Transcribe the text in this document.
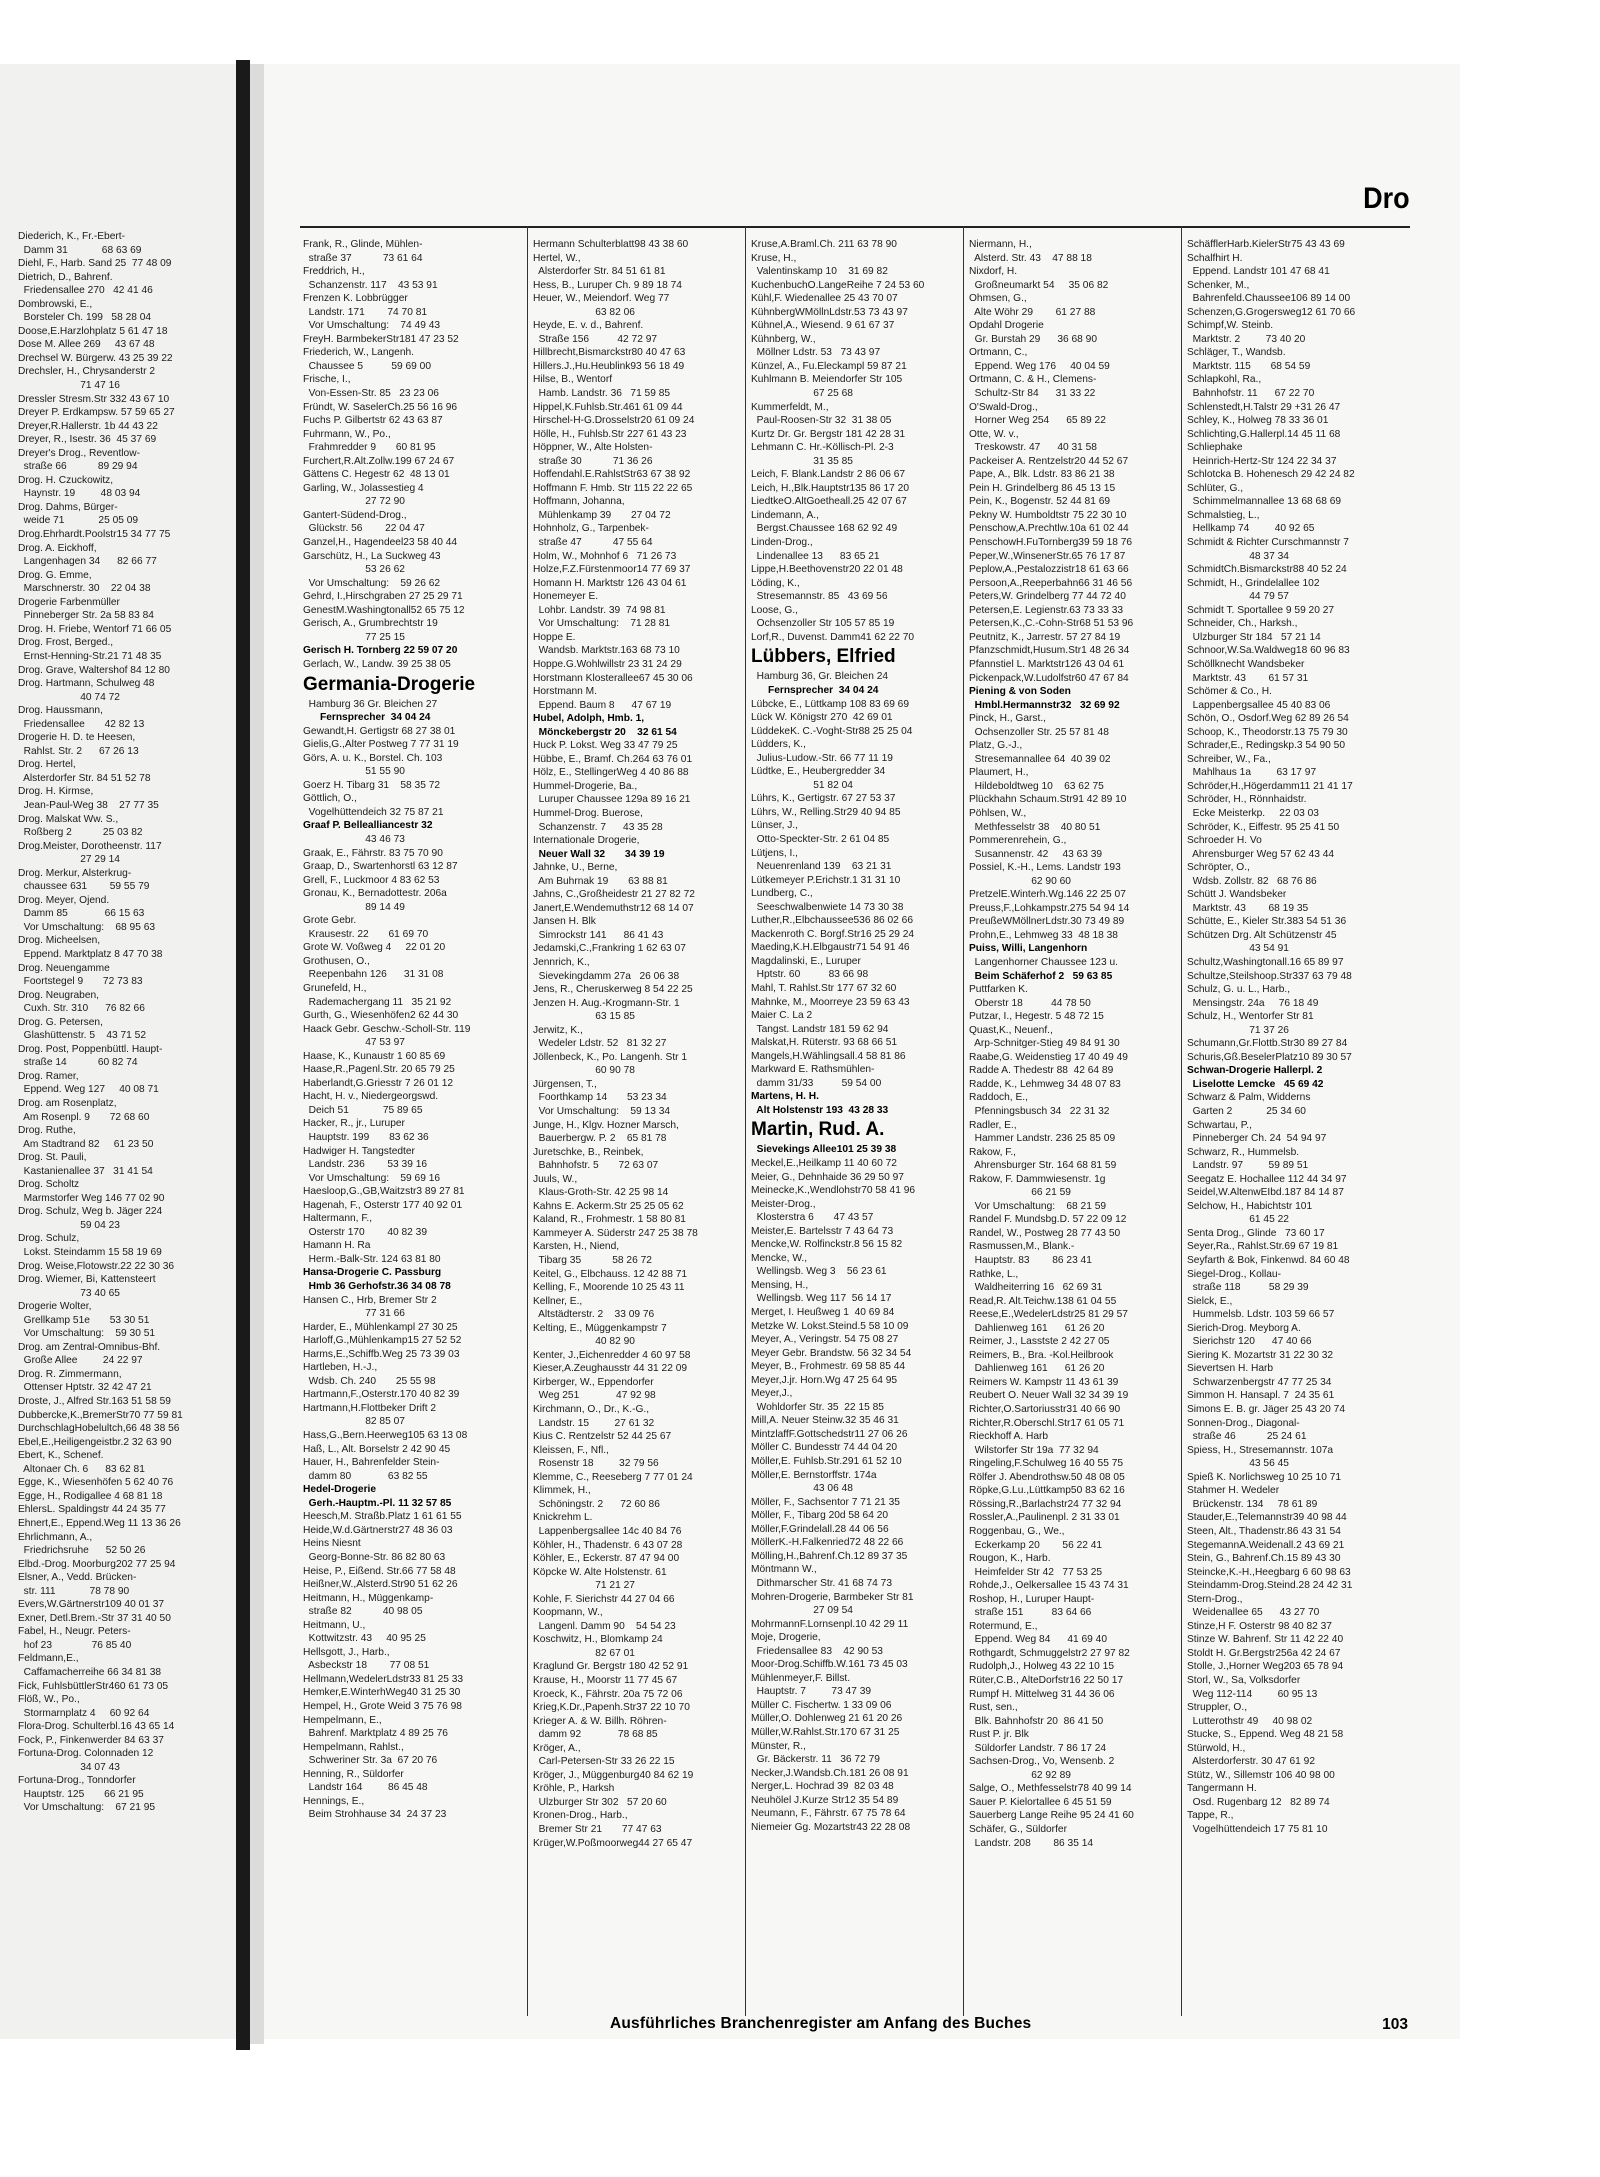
Diederich, K., Fr.-Ebert-
Damm 31            68 63 69
Diehl, F., Harb. Sand 25  77 48 09
Dietrich, D., Bahrenf.
Friedensallee 270   42 41 46
Dombrowski, E.,
Borsteler Ch. 199   58 28 04
Doose,E.Harzlohplatz 5 61 47 18
Dose M. Allee 269     43 67 48
Drechsel W. Bürgerw. 43 25 39 22
Drechsler, H., Chrysanderstr 2
71 47 16
Dressler Stresm.Str 332 43 67 10
Dreyer P. Erdkampsw. 57 59 65 27
Dreyer,R.Hallerstr. 1b 44 43 22
Dreyer, R., Isestr. 36  45 37 69
Dreyer's Drog., Reventlow-
straße 66           89 29 94
Drog. H. Czuckowitz,
Haynstr. 19         48 03 94
Drog. Dahms, Bürger-
weide 71            25 05 09
Drog.Ehrhardt.Poolstr15 34 77 75
Drog. A. Eickhoff,
Langenhagen 34      82 66 77
Drog. G. Emme,
Marschnerstr. 30    22 04 38
Drogerie Farbenmüller
Pinneberger Str. 2a 58 83 84
Drog. H. Friebe, Wentorf 71 66 05
Drog. Frost, Berged.,
Ernst-Henning-Str.21 71 48 35
Drog. Grave, Waltershof 84 12 80
Drog. Hartmann, Schulweg 48
40 74 72
Drog. Haussmann,
Friedensallee       42 82 13
Drogerie H. D. te Heesen,
Rahlst. Str. 2      67 26 13
Drog. Hertel,
Alsterdorfer Str. 84 51 52 78
Drog. H. Kirmse,
Jean-Paul-Weg 38    27 77 35
Drog. Malskat Ww. S.,
Roßberg 2           25 03 82
Drog.Meister, Dorotheenstr. 117
27 29 14
Drog. Merkur, Alsterkrug-
chaussee 631        59 55 79
Drog. Meyer, Ojend.
Damm 85             66 15 63
Vor Umschaltung:    68 95 63
Drog. Micheelsen,
Eppend. Marktplatz 8 47 70 38
Drog. Neuengamme
Foortstegel 9       72 73 83
Drog. Neugraben,
Cuxh. Str. 310      76 82 66
Drog. G. Petersen,
Glashüttenstr. 5    43 71 52
Drog. Post, Poppenbüttl. Haupt-
straße 14           60 82 74
Drog. Ramer,
Eppend. Weg 127     40 08 71
Drog. am Rosenplatz,
Am Rosenpl. 9       72 68 60
Drog. Ruthe,
Am Stadtrand 82     61 23 50
Drog. St. Pauli,
Kastanienallee 37   31 41 54
Drog. Scholtz
Marmstorfer Weg 146 77 02 90
Drog. Schulz, Weg b. Jäger 224
59 04 23
Drog. Schulz,
Lokst. Steindamm 15 58 19 69
Drog. Weise,Flotowstr.22 22 30 36
Drog. Wiemer, Bi, Kattensteert
73 40 65
Drogerie Wolter,
Grellkamp 51e       53 30 51
Vor Umschaltung:    59 30 51
Drog. am Zentral-Omnibus-Bhf.
Große Allee         24 22 97
Drog. R. Zimmermann,
Ottenser Hptstr. 32 42 47 21
Droste, J., Alfred Str.163 51 58 59
Dubbercke,K.,BremerStr70 77 59 81
DurchschlagHobelultch,66 48 38 56
Ebel,E.,Heiligengeistbr.2 32 63 90
Ebert, K., Schenef.
Altonaer Ch. 6      83 62 81
Egge, K., Wiesenhöfen 5 62 40 76
Egge, H., Rodigallee 4 68 81 18
EhlersL. Spaldingstr 44 24 35 77
Ehnert,E., Eppend.Weg 11 13 36 26
Ehrlichmann, A.,
Friedrichsruhe      52 50 26
Elbd.-Drog. Moorburg202 77 25 94
Elsner, A., Vedd. Brücken-
str. 111            78 78 90
Evers,W.Gärtnerstr109 40 01 37
Exner, Detl.Brem.-Str 37 31 40 50
Fabel, H., Neugr. Peters-
hof 23              76 85 40
Feldmann,E.,
Caffamacherreihe 66 34 81 38
Fick, FuhlsbüttlerStr460 61 73 05
Flöß, W., Po.,
Stormarnplatz 4     60 92 64
Flora-Drog. Schulterbl.16 43 65 14
Fock, P., Finkenwerder 84 63 37
Fortuna-Drog. Colonnaden 12
34 07 43
Fortuna-Drog., Tonndorfer
Hauptstr. 125       66 21 95
Vor Umschaltung:    67 21 95
Dro
Frank, R., Glinde, Mühlen-
straße 37           73 61 64
Freddrich, H.,
Schanzenstr. 117    43 53 91
Frenzen K. Lobbrügger
Landstr. 171        74 70 81
Vor Umschaltung:    74 49 43
FreyH. BarmbekerStr181 47 23 52
Friederich, W., Langenh.
Chaussee 5          59 69 00
Frische, I.,
Von-Essen-Str. 85   23 23 06
Fründt, W. SaselerCh.25 56 16 96
Fuchs P. Gilbertstr 62 43 63 87
Fuhrmann, W., Po.,
Frahmredder 9       60 81 95
Furchert,R.Alt.Zollw.199 67 24 67
Gättens C. Hegestr 62  48 13 01
Garling, W., Jolassestieg 4
27 72 90
Gantert-Südend-Drog.,
Glückstr. 56        22 04 47
Ganzel,H., Hagendeel23 58 40 44
Garschütz, H., La Suckweg 43
53 26 62
Vor Umschaltung:    59 26 62
Gehrd, I.,Hirschgraben 27 25 29 71
GenestM.Washingtonall52 65 75 12
Gerisch, A., Grumbrechtstr 19
77 25 15
Gerisch H. Tornberg 22 59 07 20
Gerlach, W., Landw. 39 25 38 05
Germania-Drogerie
Hamburg 36 Gr. Bleichen 27
Fernsprecher  34 04 24
Gewandt,H. Gertigstr 68 27 38 01
Gielis,G.,Alter Postweg 7 77 31 19
Görs, A. u. K., Borstel. Ch. 103
51 55 90
Goerz H. Tibarg 31    58 35 72
Göttlich, O.,
Vogelhüttendeich 32 75 87 21
Graaf P. Bellealliancestr 32
43 46 73
Graak, E., Fährstr. 83 75 70 90
Graap, D., Swartenhorstl 63 12 87
Grell, F., Luckmoor 4 83 62 53
Gronau, K., Bernadottestr. 206a
89 14 49
Grote Gebr.
Krausestr. 22       61 69 70
Grote W. Voßweg 4     22 01 20
Grothusen, O.,
Reepenbahn 126      31 31 08
Grunefeld, H.,
Rademachergang 11   35 21 92
Gurth, G., Wiesenhöfen2 62 44 30
Haack Gebr. Geschw.-Scholl-Str. 119
47 53 97
Haase, K., Kunaustr 1 60 85 69
Haase,R.,Pagenl.Str. 20 65 79 25
Haberlandt,G.Griesstr 7 26 01 12
Hacht, H. v., Niedergeorgswd.
Deich 51            75 89 65
Hacker, R., jr., Luruper
Hauptstr. 199       83 62 36
Hadwiger H. Tangstedter
Landstr. 236        53 39 16
Vor Umschaltung:    59 69 16
Haesloop,G.,GB,Waitzstr3 89 27 81
Hagenah, F., Osterstr 177 40 92 01
Haltermann, F.,
Osterstr 170        40 82 39
Hamann H. Ra
Herm.-Balk-Str. 124 63 81 80
Hansa-Drogerie C. Passburg
Hmb 36 Gerhofstr.36 34 08 78
Hansen C., Hrb, Bremer Str 2
77 31 66
Harder, E., Mühlenkampl 27 30 25
Harloff,G.,Mühlenkamp15 27 52 52
Harms,E.,Schiffb.Weg 25 73 39 03
Hartleben, H.-J.,
Wdsb. Ch. 240       25 55 98
Hartmann,F.,Osterstr.170 40 82 39
Hartmann,H.Flottbeker Drift 2
82 85 07
Hass,G.,Bern.Heerweg105 63 13 08
Haß, L., Alt. Borselstr 2 42 90 45
Hauer, H., Bahrenfelder Stein-
damm 80             63 82 55
Hedel-Drogerie
Gerh.-Hauptm.-Pl. 11 32 57 85
Heesch,M. Straßb.Platz 1 61 61 55
Heide,W.d.Gärtnerstr27 48 36 03
Heins Niesnt
Georg-Bonne-Str. 86 82 80 63
Heise, P., Eißend. Str.66 77 58 48
Heißner,W.,Alsterd.Str90 51 62 26
Heitmann, H., Müggenkamp-
straße 82           40 98 05
Heitmann, U.,
Kottwitzstr. 43     40 95 25
Hellsgott, J., Harb.,
Asbeckstr 18        77 08 51
Hellmann,WedelerLdstr33 81 25 33
Hemker,E.WinterhWeg40 31 25 30
Hempel, H., Grote Weid 3 75 76 98
Hempelmann, E.,
Bahrenf. Marktplatz 4 89 25 76
Hempelmann, Rahlst.,
Schweriner Str. 3a  67 20 76
Henning, R., Süldorfer
Landstr 164         86 45 48
Hennings, E.,
Beim Strohhause 34  24 37 23
Hermann Schulterblatt98 43 38 60
Hertel, W.,
Alsterdorfer Str. 84 51 61 81
Hess, B., Luruper Ch. 9 89 18 74
Heuer, W., Meiendorf. Weg 77
63 82 06
Heyde, E. v. d., Bahrenf.
Straße 156          42 72 97
Hillbrecht,Bismarckstr80 40 47 63
Hillers.J.,Hu.Heublink93 56 18 49
Hilse, B., Wentorf
Hamb. Landstr. 36   71 59 85
Hippel,K.Fuhlsb.Str.461 61 09 44
Hirschel-H-G.Drosselstr20 61 09 24
Hölle, H., Fuhlsb.Str 227 61 43 23
Höppner, W., Alte Holsten-
straße 30           71 36 26
Hoffendahl.E.RahlstStr63 67 38 92
Hoffmann F. Hmb. Str 115 22 22 65
Hoffmann, Johanna,
Mühlenkamp 39       27 04 72
Hohnholz, G., Tarpenbek-
straße 47           47 55 64
Holm, W., Mohnhof 6   71 26 73
Holze,F.Z.Fürstenmoor14 77 69 37
Homann H. Marktstr 126 43 04 61
Honemeyer E.
Lohbr. Landstr. 39  74 98 81
Vor Umschaltung:    71 28 81
Hoppe E.
Wandsb. Marktstr.163 68 73 10
Hoppe.G.Wohlwillstr 23 31 24 29
Horstmann Klosterallee67 45 30 06
Horstmann M.
Eppend. Baum 8      47 67 19
Hubel, Adolph, Hmb. 1,
Mönckebergstr 20    32 61 54
Huck P. Lokst. Weg 33 47 79 25
Hübbe, E., Bramf. Ch.264 63 76 01
Hölz, E., StellingerWeg 4 40 86 88
Hummel-Drogerie, Ba.,
Luruper Chaussee 129a 89 16 21
Hummel-Drog. Buerose,
Schanzenstr. 7      43 35 28
Internationale Drogerie,
Neuer Wall 32       34 39 19
Jahnke, U., Berne,
Am Buhrnak 19       63 88 81
Jahns, C.,Großheidestr 21 27 82 72
Janert,E.Wendemuthstr12 68 14 07
Jansen H. Blk
Simrockstr 141      86 41 43
Jedamski,C.,Frankring 1 62 63 07
Jennrich, K.,
Sievekingdamm 27a   26 06 38
Jens, R., Cheruskerweg 8 54 22 25
Jenzen H. Aug.-Krogmann-Str. 1
63 15 85
Jerwitz, K.,
Wedeler Ldstr. 52   81 32 27
Jöllenbeck, K., Po. Langenh. Str 1
60 90 78
Jürgensen, T.,
Foorthkamp 14       53 23 34
Vor Umschaltung:    59 13 34
Junge, H., Klgv. Hozner Marsch,
Bauerbergw. P. 2    65 81 78
Juretschke, B., Reinbek,
Bahnhofstr. 5       72 63 07
Juuls, W.,
Klaus-Groth-Str. 42 25 98 14
Kahns E. Ackerm.Str 25 25 05 62
Kaland, R., Frohmestr. 1 58 80 81
Kammeyer A. Süderstr 247 25 38 78
Karsten, H., Niend,
Tibarg 35           58 26 72
Keitel, G., Elbchauss. 12 42 88 71
Kelling, F., Moorende 10 25 43 11
Kellner, E.,
Altstädterstr. 2    33 09 76
Kelting, E., Müggenkampstr 7
40 82 90
Kenter, J.,Eichenredder 4 60 97 58
Kieser,A.Zeughausstr 44 31 22 09
Kirberger, W., Eppendorfer
Weg 251             47 92 98
Kirchmann, O., Dr., K.-G.,
Landstr. 15         27 61 32
Kius C. Rentzelstr 52 44 25 67
Kleissen, F., Nfl.,
Rosenstr 18         32 79 56
Klemme, C., Reeseberg 7 77 01 24
Klimmek, H.,
Schöningstr. 2      72 60 86
Knickrehm L.
Lappenbergsallee 14c 40 84 76
Köhler, H., Thadenstr. 6 43 07 28
Köhler, E., Eckerstr. 87 47 94 00
Köpcke W. Alte Holstenstr. 61
71 21 27
Kohle, F. Sierichstr 44 27 04 66
Koopmann, W.,
Langenl. Damm 90    54 54 23
Koschwitz, H., Blomkamp 24
82 67 01
Kraglund Gr. Bergstr 180 42 52 91
Krause, H., Moorstr 11 77 45 67
Kroeck, K., Fährstr. 20a 75 72 06
Krieg,K.Dr.,Papenh.Str37 22 10 70
Krieger A. & W. Billh. Röhren-
damm 92             78 68 85
Kröger, A.,
Carl-Petersen-Str 33 26 22 15
Kröger, J., Müggenburg40 84 62 19
Kröhle, P., Harksh
Ulzburger Str 302   57 20 60
Kronen-Drog., Harb.,
Bremer Str 21       77 47 63
Krüger,W.Poßmoorweg44 27 65 47
Kruse,A.Braml.Ch. 211 63 78 90
Kruse, H.,
Valentinskamp 10    31 69 82
KuchenbuchO.LangeReihe 7 24 53 60
Kühl,F. Wiedenallee 25 43 70 07
KühnbergWMöllnLdstr.53 73 43 97
Kühnel,A., Wiesend. 9 61 67 37
Kühnberg, W.,
Möllner Ldstr. 53   73 43 97
Künzel, A., Fu.Eleckampl 59 87 21
Kuhlmann B. Meiendorfer Str 105
67 25 68
Kummerfeldt, M.,
Paul-Roosen-Str 32  31 38 05
Kurtz Dr. Gr. Bergstr 181 42 28 31
Lehmann C. Hr.-Köllisch-Pl. 2-3
31 35 85
Leich, F. Blank.Landstr 2 86 06 67
Leich, H.,Blk.Hauptstr135 86 17 20
LiedtkeO.AltGoetheall.25 42 07 67
Lindemann, A.,
Bergst.Chaussee 168 62 92 49
Linden-Drog.,
Lindenallee 13      83 65 21
Lippe,H.Beethovenstr20 22 01 48
Löding, K.,
Stresemannstr. 85   43 69 56
Loose, G.,
Ochsenzoller Str 105 57 85 19
Lorf,R., Duvenst. Damm41 62 22 70
Lübbers, Elfried
Hamburg 36, Gr. Bleichen 24
Fernsprecher  34 04 24
Lübcke, E., Lüttkamp 108 83 69 69
Lück W. Königstr 270  42 69 01
LüddekeK. C.-Voght-Str88 25 25 04
Lüdders, K.,
Julius-Ludow.-Str. 66 77 11 19
Lüdtke, E., Heubergredder 34
51 82 04
Lührs, K., Gertigstr. 67 27 53 37
Lührs, W., Relling.Str29 40 94 85
Lünser, J.,
Otto-Speckter-Str. 2 61 04 85
Lütjens, I.,
Neuenrenland 139    63 21 31
Lütkemeyer P.Erichstr.1 31 31 10
Lundberg, C.,
Seeschwalbenwiete 14 73 30 38
Luther,R.,Elbchaussee536 86 02 66
Mackenroth C. Borgf.Str16 25 29 24
Maeding,K.H.Elbgaustr71 54 91 46
Magdalinski, E., Luruper
Hptstr. 60          83 66 98
Mahl, T. Rahlst.Str 177 67 32 60
Mahnke, M., Moorreye 23 59 63 43
Maier C. La 2
Tangst. Landstr 181 59 62 94
Malskat,H. Rüterstr. 93 68 66 51
Mangels,H.Wählingsall.4 58 81 86
Markward E. Rathsmühlen-
damm 31/33          59 54 00
Martens, H. H.
Alt Holstenstr 193  43 28 33
Martin, Rud. A.
Sievekings Allee101 25 39 38
Meckel,E.,Heilkamp 11 40 60 72
Meier, G., Dehnhaide 36 29 50 97
Meinecke,K.,Wendlohstr70 58 41 96
Meister-Drog.,
Klosterstra 6       47 43 57
Meister,E. Bartelsstr 7 43 64 73
Mencke,W. Rolfinckstr.8 56 15 82
Mencke, W.,
Wellingsb. Weg 3    56 23 61
Mensing, H.,
Wellingsb. Weg 117  56 14 17
Merget, I. Heußweg 1  40 69 84
Metzke W. Lokst.Steind.5 58 10 09
Meyer, A., Veringstr. 54 75 08 27
Meyer Gebr. Brandstw. 56 32 34 54
Meyer, B., Frohmestr. 69 58 85 44
Meyer,J.jr. Horn.Wg 47 25 64 95
Meyer,J.,
Wohldorfer Str. 35  22 15 85
Mill,A. Neuer Steinw.32 35 46 31
MintzlaffF.Gottschedstr11 27 06 26
Möller C. Bundesstr 74 44 04 20
Möller,E. Fuhlsb.Str.291 61 52 10
Möller,E. Bernstorffstr. 174a
43 06 48
Möller, F., Sachsentor 7 71 21 35
Möller, F., Tibarg 20d 58 64 20
Möller,F.Grindelall.28 44 06 56
MöllerK.-H.Falkenried72 48 22 66
Mölling,H.,Bahrenf.Ch.12 89 37 35
Möntmann W.,
Dithmarscher Str. 41 68 74 73
Mohren-Drogerie, Barmbeker Str 81
27 09 54
MohrmannF.Lornsenpl.10 42 29 11
Moje, Drogerie,
Friedensallee 83    42 90 53
Moor-Drog.Schiffb.W.161 73 45 03
Mühlenmeyer,F. Billst.
Hauptstr. 7         73 47 39
Müller C. Fischertw. 1 33 09 06
Müller,O. Dohlenweg 21 61 20 26
Müller,W.Rahlst.Str.170 67 31 25
Münster, R.,
Gr. Bäckerstr. 11   36 72 79
Necker,J.Wandsb.Ch.181 26 08 91
Nerger,L. Hochrad 39  82 03 48
Neuhölel J.Kurze Str12 35 54 89
Neumann, F., Fährstr. 67 75 78 64
Niemeier Gg. Mozartstr43 22 28 08
Niermann, H.,
Alsterd. Str. 43    47 88 18
Nixdorf, H.
Großneumarkt 54     35 06 82
Ohmsen, G.,
Alte Wöhr 29        61 27 88
Opdahl Drogerie
Gr. Burstah 29      36 68 90
Ortmann, C.,
Eppend. Weg 176     40 04 59
Ortmann, C. & H., Clemens-
Schultz-Str 84      31 33 22
O'Swald-Drog.,
Horner Weg 254      65 89 22
Otte, W. v.,
Treskowstr. 47      40 31 58
Packeiser A. Rentzelstr20 44 52 67
Pape, A., Blk. Ldstr. 83 86 21 38
Pein H. Grindelberg 86 45 13 15
Pein, K., Bogenstr. 52 44 81 69
Pekny W. Humboldtstr 75 22 30 10
Penschow,A.Prechtlw.10a 61 02 44
PenschowH.FuTornberg39 59 18 76
Peper,W.,WinsenerStr.65 76 17 87
Peplow,A.,Pestalozzistr18 61 63 66
Persoon,A.,Reeperbahn66 31 46 56
Peters,W. Grindelberg 77 44 72 40
Petersen,E. Legienstr.63 73 33 33
Petersen,K.,C.-Cohn-Str68 51 53 96
Peutnitz, K., Jarrestr. 57 27 84 19
Pfanzschmidt,Husum.Str1 48 26 34
Pfannstiel L. Marktstr126 43 04 61
Pickenpack,W.Ludolfstr60 47 67 84
Piening & von Soden
Hmbl.Hermannstr32   32 69 92
Pinck, H., Garst.,
Ochsenzoller Str. 25 57 81 48
Platz, G.-J.,
Stresemannallee 64  40 39 02
Plaumert, H.,
Hildeboldtweg 10    63 62 75
Plückhahn Schaum.Str91 42 89 10
Pöhlsen, W.,
Methfesselstr 38    40 80 51
Pommerenrehein, G.,
Susannenstr. 42     43 63 39
Possiel, K.-H., Lems. Landstr 193
62 90 60
PretzelE.Winterh.Wg.146 22 25 07
Preuss,F.,Lohkampstr.275 54 94 14
PreußeWMöllnerLdstr.30 73 49 89
Prohn,E., Lehmweg 33  48 18 38
Puiss, Willi, Langenhorn
Langenhorner Chaussee 123 u.
Beim Schäferhof 2   59 63 85
Puttfarken K.
Oberstr 18          44 78 50
Putzar, I., Hegestr. 5 48 72 15
Quast,K., Neuenf.,
Arp-Schnitger-Stieg 49 84 91 30
Raabe,G. Weidenstieg 17 40 49 49
Radde A. Thedestr 88  42 64 89
Radde, K., Lehmweg 34 48 07 83
Raddoch, E.,
Pfenningsbusch 34   22 31 32
Radler, E.,
Hammer Landstr. 236 25 85 09
Rakow, F.,
Ahrensburger Str. 164 68 81 59
Rakow, F. Dammwiesenstr. 1g
66 21 59
Vor Umschaltung:    68 21 59
Randel F. Mundsbg.D. 57 22 09 12
Randel, W., Postweg 28 77 43 50
Rasmussen,M., Blank.-
Hauptstr. 83        86 23 41
Rathke, L.,
Waldheiterring 16   62 69 31
Read,R. Alt.Teichw.138 61 04 55
Reese,E.,WedelerLdstr25 81 29 57
Dahlienweg 161      61 26 20
Reimer, J., Lasstste 2 42 27 05
Reimers, B., Bra. -Kol.Heilbrook
Dahlienweg 161      61 26 20
Reimers W. Kampstr 11 43 61 39
Reubert O. Neuer Wall 32 34 39 19
Richter,O.Sartoriusstr31 40 66 90
Richter,R.Oberschl.Str17 61 05 71
Rieckhoff A. Harb
Wilstorfer Str 19a  77 32 94
Ringeling,F.Schulweg 16 40 55 75
Rölfer J. Abendrothsw.50 48 08 05
Röpke,G.Lu.,Lüttkamp50 83 62 16
Rössing,R.,Barlachstr24 77 32 94
Rossler,A.,Paulinenpl. 2 31 33 01
Roggenbau, G., We.,
Eckerkamp 20        56 22 41
Rougon, K., Harb.
Heimfelder Str 42   77 53 25
Rohde,J., Oelkersallee 15 43 74 31
Roshop, H., Luruper Haupt-
straße 151          83 64 66
Rotermund, E.,
Eppend. Weg 84      41 69 40
Rothgardt, Schmuggelstr2 27 97 82
Rudolph,J., Holweg 43 22 10 15
Rüter,C.B., AlteDorfstr16 22 50 17
Rumpf H. Mittelweg 31 44 36 06
Rust, sen.,
Blk. Bahnhofstr 20  86 41 50
Rust P. jr. Blk
Süldorfer Landstr. 7 86 17 24
Sachsen-Drog., Vo, Wensenb. 2
62 92 89
Salge, O., Methfesselstr78 40 99 14
Sauer P. Kielortallee 6 45 51 59
Sauerberg Lange Reihe 95 24 41 60
Schäfer, G., Süldorfer
Landstr. 208        86 35 14
SchäfflerHarb.KielerStr75 43 43 69
Schalfhirt H.
Eppend. Landstr 101 47 68 41
Schenker, M.,
Bahrenfeld.Chaussee106 89 14 00
Schenzen,G.Grogersweg12 61 70 66
Schimpf,W. Steinb.
Marktstr. 2         73 40 20
Schläger, T., Wandsb.
Marktstr. 115       68 54 59
Schlapkohl, Ra.,
Bahnhofstr. 11      67 22 70
Schlenstedt,H.Talstr 29 +31 26 47
Schley, K., Holweg 78 33 36 01
Schlichting,G.Hallerpl.14 45 11 68
Schliephake
Heinrich-Hertz-Str 124 22 34 37
Schlotcka B. Hohenesch 29 42 24 82
Schlüter, G.,
Schimmelmannallee 13 68 68 69
Schmalstieg, L.,
Hellkamp 74         40 92 65
Schmidt & Richter Curschmannstr 7
48 37 34
SchmidtCh.Bismarckstr88 40 52 24
Schmidt, H., Grindelallee 102
44 79 57
Schmidt T. Sportallee 9 59 20 27
Schneider, Ch., Harksh.,
Ulzburger Str 184   57 21 14
Schnoor,W.Sa.Waldweg18 60 96 83
Schöllknecht Wandsbeker
Marktstr. 43        61 57 31
Schömer & Co., H.
Lappenbergsallee 45 40 83 06
Schön, O., Osdorf.Weg 62 89 26 54
Schoop, K., Theodorstr.13 75 79 30
Schrader,E., Redingskp.3 54 90 50
Schreiber, W., Fa.,
Mahlhaus 1a         63 17 97
Schröder,H.,Högerdamm11 21 41 17
Schröder, H., Rönnhaidstr.
Ecke Meisterkp.     22 03 03
Schröder, K., Eiffestr. 95 25 41 50
Schroeder H. Vo
Ahrensburger Weg 57 62 43 44
Schröpter, O.,
Wdsb. Zollstr. 82   68 76 86
Schütt J. Wandsbeker
Marktstr. 43        68 19 35
Schütte, E., Kieler Str.383 54 51 36
Schützen Drg. Alt Schützenstr 45
43 54 91
Schultz,Washingtonall.16 65 89 97
Schultze,Steilshoop.Str337 63 79 48
Schulz, G. u. L., Harb.,
Mensingstr. 24a     76 18 49
Schulz, H., Wentorfer Str 81
71 37 26
Schumann,Gr.Flottb.Str30 89 27 84
Schuris,Gß.BeselerPlatz10 89 30 57
Schwan-Drogerie Hallerpl. 2
Liselotte Lemcke   45 69 42
Schwarz & Palm, Widderns
Garten 2            25 34 60
Schwartau, P.,
Pinneberger Ch. 24  54 94 97
Schwarz, R., Hummelsb.
Landstr. 97         59 89 51
Seegatz E. Hochallee 112 44 34 97
Seidel,W.AltenwEIbd.187 84 14 87
Selchow, H., Habichtstr 101
61 45 22
Senta Drog., Glinde   73 60 17
Seyer,Ra., Rahlst.Str.69 67 19 81
Seyfarth & Bok, Finkenwd. 84 60 48
Siegel-Drog., Kollau-
straße 118          58 29 39
Sielck, E.,
Hummelsb. Ldstr. 103 59 66 57
Sierich-Drog. Meyborg A.
Sierichstr 120      47 40 66
Siering K. Mozartstr 31 22 30 32
Sievertsen H. Harb
Schwarzenbergstr 47 77 25 34
Simmon H. Hansapl. 7  24 35 61
Simons E. B. gr. Jäger 25 43 20 74
Sonnen-Drog., Diagonal-
straße 46           25 24 61
Spiess, H., Stresemannstr. 107a
43 56 45
Spieß K. Norlichsweg 10 25 10 71
Stahmer H. Wedeler
Brückenstr. 134     78 61 89
Stauder,E.,Telemannstr39 40 98 44
Steen, Alt., Thadenstr.86 43 31 54
StegemannA.Weidenall.2 43 69 21
Stein, G., Bahrenf.Ch.15 89 43 30
Steincke,K.-H.,Heegbarg 6 60 98 63
Steindamm-Drog.Steind.28 24 42 31
Stern-Drog.,
Weidenallee 65      43 27 70
Stinze,H F. Osterstr 98 40 82 37
Stinze W. Bahrenf. Str 11 42 22 40
Stoldt H. Gr.Bergstr256a 42 24 67
Stolle, J.,Horner Weg203 65 78 94
Storl, W., Sa, Volksdorfer
Weg 112-114         60 95 13
Struppler, O.,
Lutterothstr 49     40 98 02
Stucke, S., Eppend. Weg 48 21 58
Stürwold, H.,
Alsterdorferstr. 30 47 61 92
Stütz, W., Sillemstr 106 40 98 00
Tangermann H.
Osd. Rugenbarg 12   82 89 74
Tappe, R.,
Vogelhüttendeich 17 75 81 10
Ausführliches Branchenregister am Anfang des Buches	103
